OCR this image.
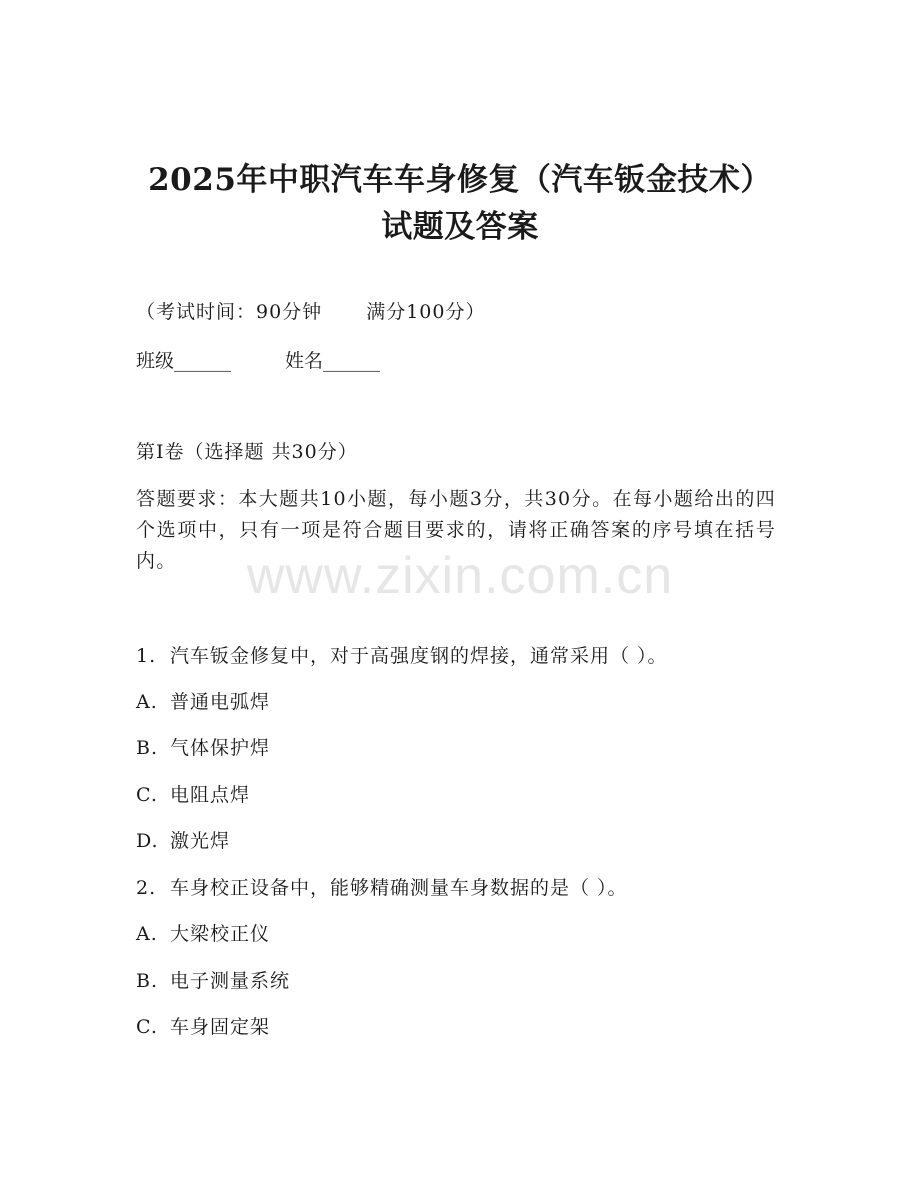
2025年中职汽车车身修复（汽车钣金技术）
试题及答案
（考试时间：90分钟 满分100分）
班级______	姓名______
第I卷（选择题 共30分）
答题要求：本大题共10小题，每小题3分，共30分。在每小题给出的四个选项中，只有一项是符合题目要求的，请将正确答案的序号填在括号内。	www.zixin.com.cn
1. 汽车钣金修复中，对于高强度钢的焊接，通常采用（ ）。
A. 普通电弧焊
B. 气体保护焊
C. 电阻点焊
D. 激光焊
2. 车身校正设备中，能够精确测量车身数据的是（ ）。
A. 大梁校正仪
B. 电子测量系统
C. 车身固定架
